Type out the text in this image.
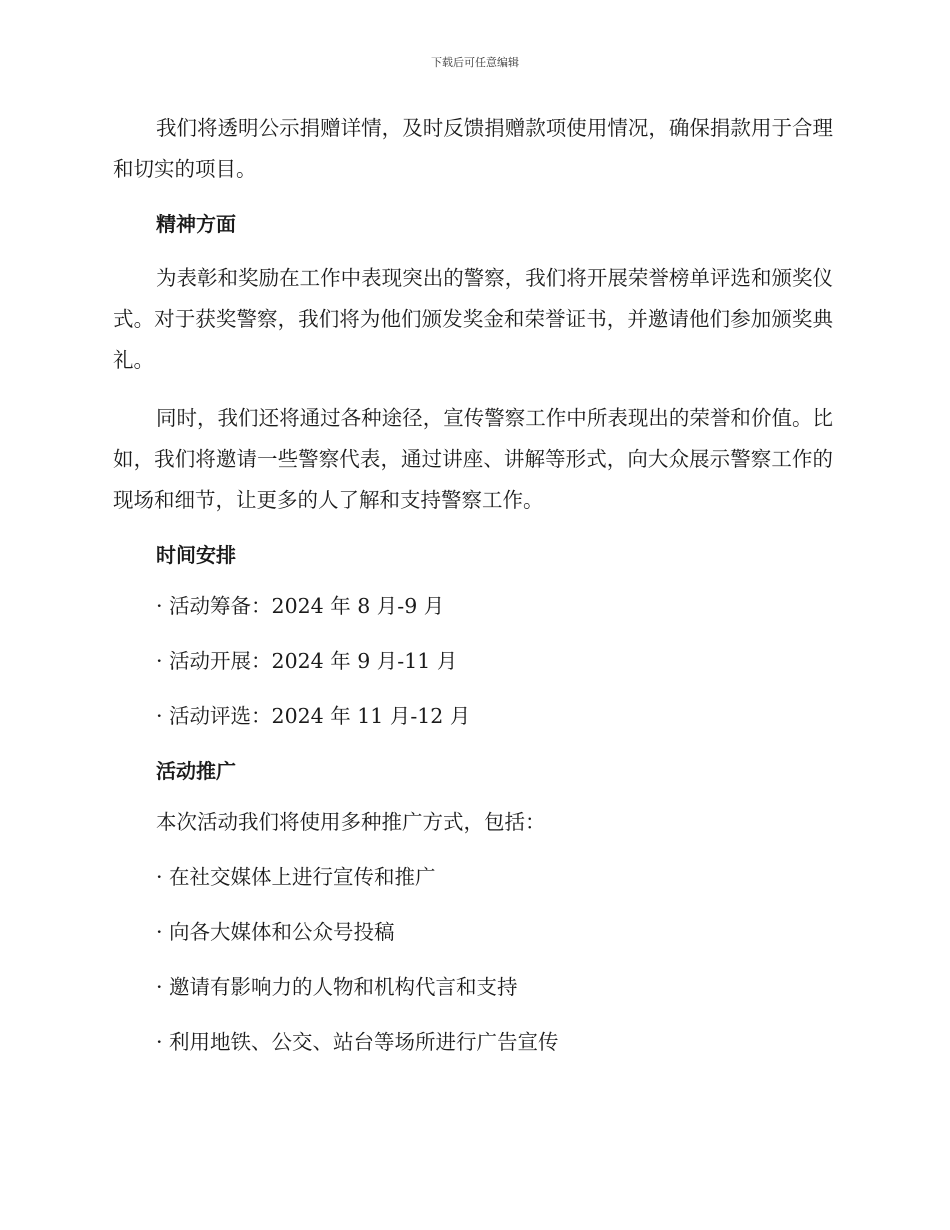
下载后可任意编辑

我们将透明公示捐赠详情，及时反馈捐赠款项使用情况，确保捐款用于合理和切实的项目。

精神方面

为表彰和奖励在工作中表现突出的警察，我们将开展荣誉榜单评选和颁奖仪式。对于获奖警察，我们将为他们颁发奖金和荣誉证书，并邀请他们参加颁奖典礼。

同时，我们还将通过各种途径，宣传警察工作中所表现出的荣誉和价值。比如，我们将邀请一些警察代表，通过讲座、讲解等形式，向大众展示警察工作的现场和细节，让更多的人了解和支持警察工作。

时间安排
· 活动筹备：2024 年 8 月-9 月
· 活动开展：2024 年 9 月-11 月
· 活动评选：2024 年 11 月-12 月
活动推广
本次活动我们将使用多种推广方式，包括：
· 在社交媒体上进行宣传和推广
· 向各大媒体和公众号投稿
· 邀请有影响力的人物和机构代言和支持
· 利用地铁、公交、站台等场所进行广告宣传
